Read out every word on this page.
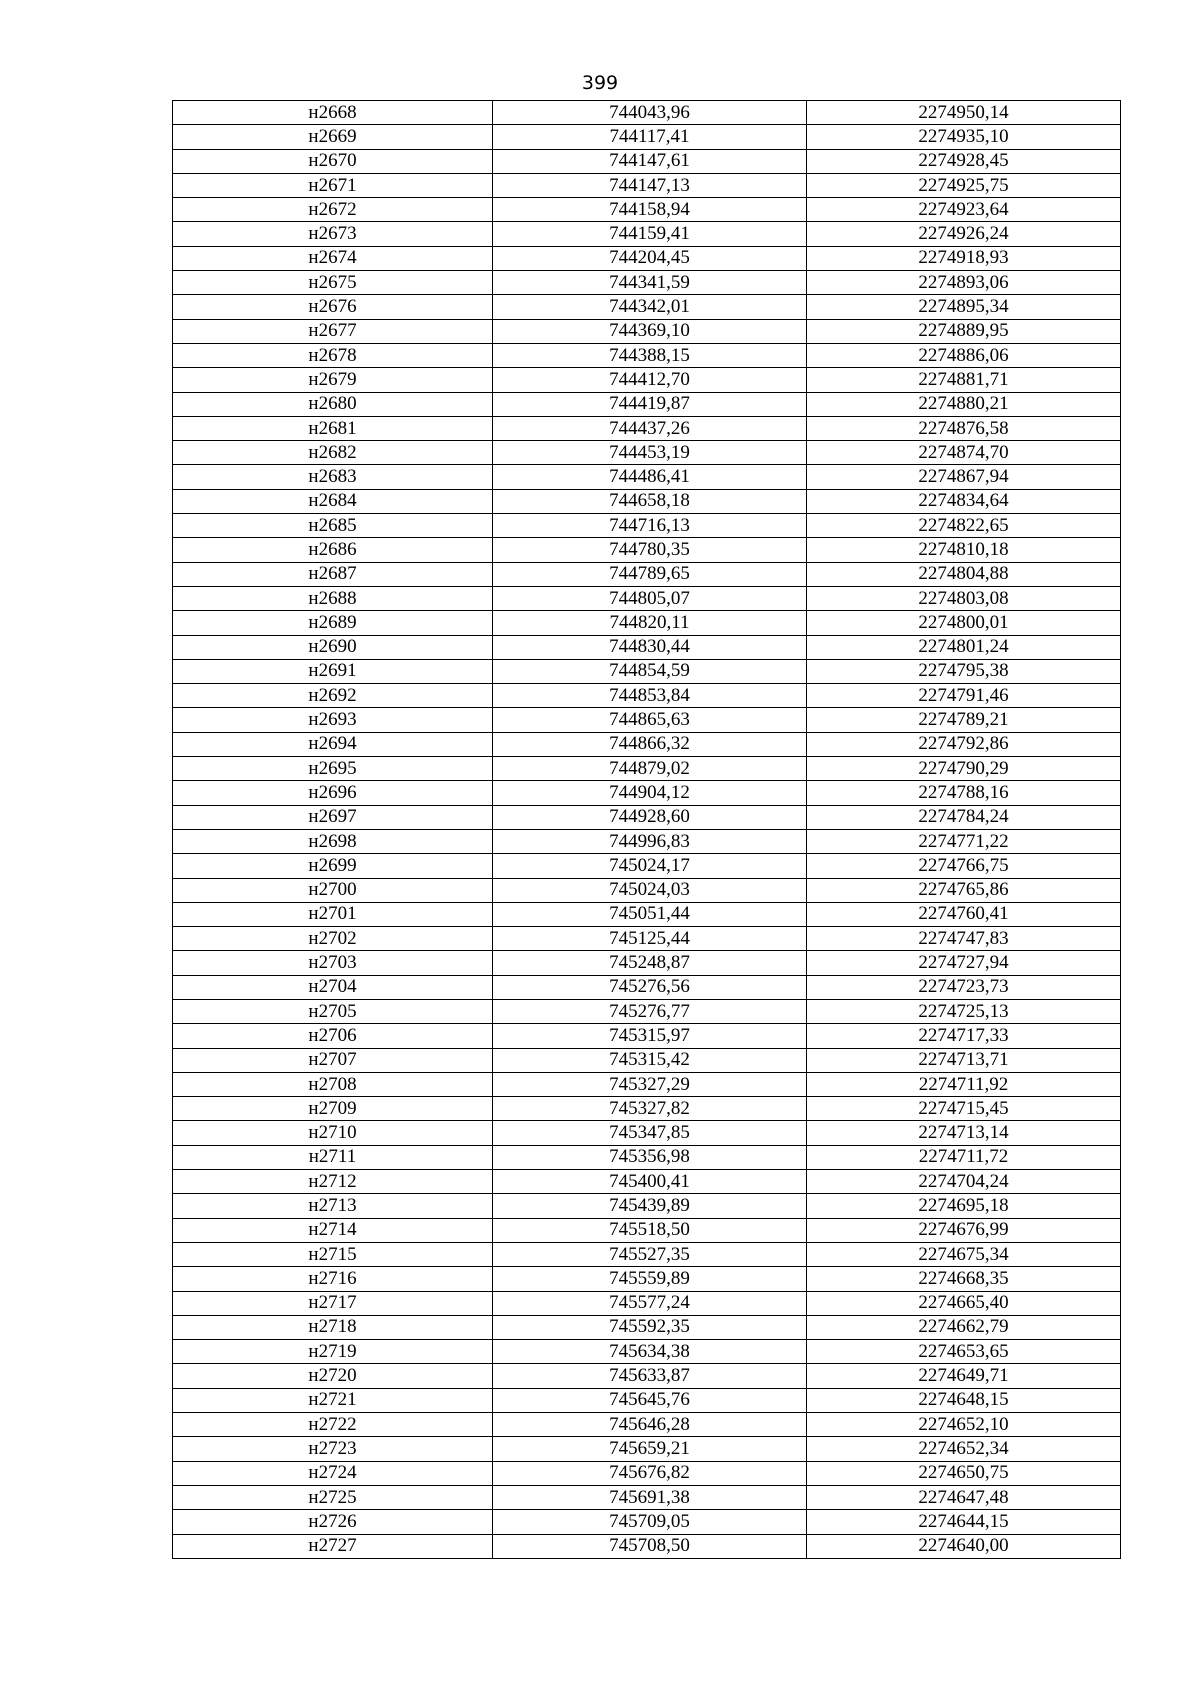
399
н2668	744043,96	2274950,14
н2669	744117,41	2274935,10
н2670	744147,61	2274928,45
н2671	744147,13	2274925,75
н2672	744158,94	2274923,64
н2673	744159,41	2274926,24
н2674	744204,45	2274918,93
н2675	744341,59	2274893,06
н2676	744342,01	2274895,34
н2677	744369,10	2274889,95
н2678	744388,15	2274886,06
н2679	744412,70	2274881,71
н2680	744419,87	2274880,21
н2681	744437,26	2274876,58
н2682	744453,19	2274874,70
н2683	744486,41	2274867,94
н2684	744658,18	2274834,64
н2685	744716,13	2274822,65
н2686	744780,35	2274810,18
н2687	744789,65	2274804,88
н2688	744805,07	2274803,08
н2689	744820,11	2274800,01
н2690	744830,44	2274801,24
н2691	744854,59	2274795,38
н2692	744853,84	2274791,46
н2693	744865,63	2274789,21
н2694	744866,32	2274792,86
н2695	744879,02	2274790,29
н2696	744904,12	2274788,16
н2697	744928,60	2274784,24
н2698	744996,83	2274771,22
н2699	745024,17	2274766,75
н2700	745024,03	2274765,86
н2701	745051,44	2274760,41
н2702	745125,44	2274747,83
н2703	745248,87	2274727,94
н2704	745276,56	2274723,73
н2705	745276,77	2274725,13
н2706	745315,97	2274717,33
н2707	745315,42	2274713,71
н2708	745327,29	2274711,92
н2709	745327,82	2274715,45
н2710	745347,85	2274713,14
н2711	745356,98	2274711,72
н2712	745400,41	2274704,24
н2713	745439,89	2274695,18
н2714	745518,50	2274676,99
н2715	745527,35	2274675,34
н2716	745559,89	2274668,35
н2717	745577,24	2274665,40
н2718	745592,35	2274662,79
н2719	745634,38	2274653,65
н2720	745633,87	2274649,71
н2721	745645,76	2274648,15
н2722	745646,28	2274652,10
н2723	745659,21	2274652,34
н2724	745676,82	2274650,75
н2725	745691,38	2274647,48
н2726	745709,05	2274644,15
н2727	745708,50	2274640,00
